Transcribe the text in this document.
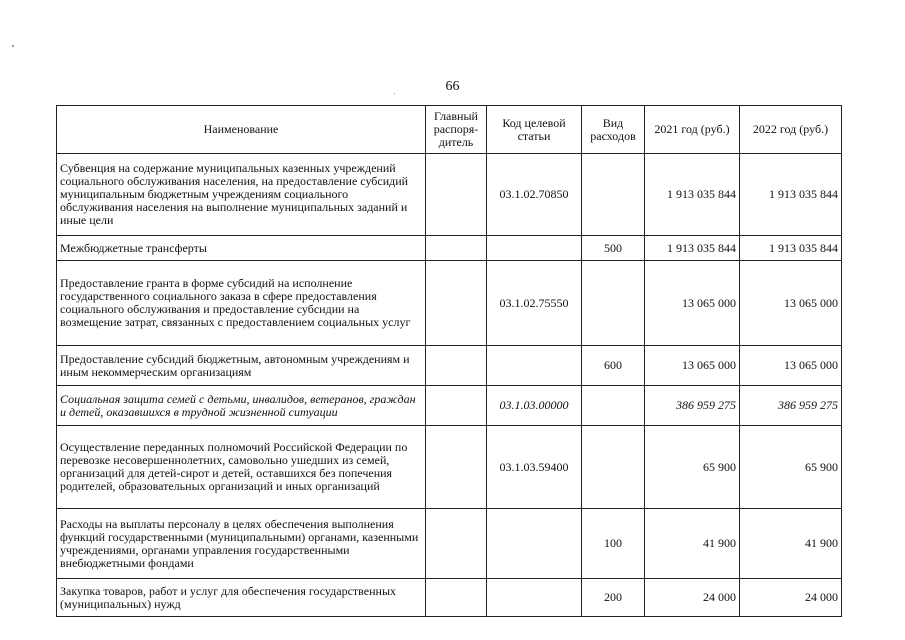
66
Наименование	Главный распоря-дитель	Код целевой статьи	Вид расходов	2021 год (руб.)	2022 год (руб.)
Субвенция на содержание муниципальных казенных учреждений социального обслуживания населения, на предоставление субсидий муниципальным бюджетным учреждениям социального обслуживания населения на выполнение муниципальных заданий и иные цели		03.1.02.70850		1 913 035 844	1 913 035 844
Межбюджетные трансферты			500	1 913 035 844	1 913 035 844
Предоставление гранта в форме субсидий на исполнение государственного социального заказа в сфере предоставления социального обслуживания и предоставление субсидии на возмещение затрат, связанных с предоставлением социальных услуг		03.1.02.75550		13 065 000	13 065 000
Предоставление субсидий бюджетным, автономным учреждениям и иным некоммерческим организациям			600	13 065 000	13 065 000
Социальная защита семей с детьми, инвалидов, ветеранов, граждан и детей, оказавшихся в трудной жизненной ситуации		03.1.03.00000		386 959 275	386 959 275
Осуществление переданных полномочий Российской Федерации по перевозке несовершеннолетних, самовольно ушедших из семей, организаций для детей-сирот и детей, оставшихся без попечения родителей, образовательных организаций и иных организаций		03.1.03.59400		65 900	65 900
Расходы на выплаты персоналу в целях обеспечения выполнения функций государственными (муниципальными) органами, казенными учреждениями, органами управления государственными внебюджетными фондами			100	41 900	41 900
Закупка товаров, работ и услуг для обеспечения государственных (муниципальных) нужд			200	24 000	24 000
